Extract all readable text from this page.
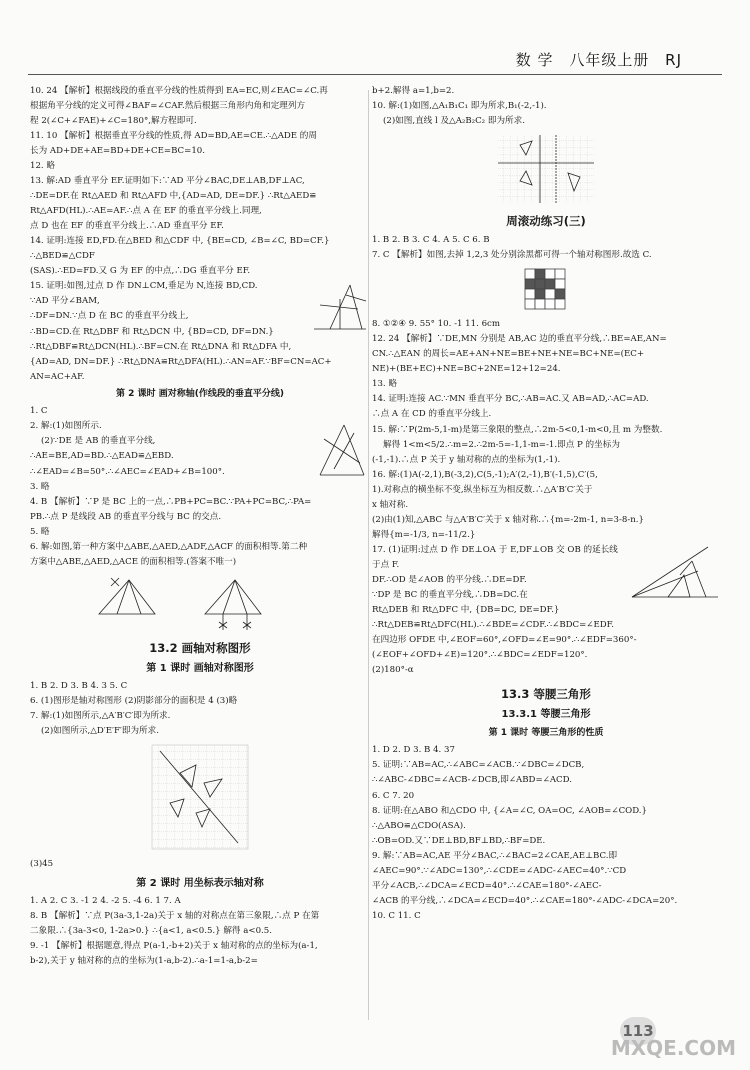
数 学 八年级上册 RJ

10. 24 【解析】根据线段的垂直平分线的性质得到 EA=EC,则∠EAC=∠C.再

根据角平分线的定义可得∠BAF=∠CAF.然后根据三角形内角和定理列方

程 2(∠C+∠FAE)+∠C=180°,解方程即可.

11. 10 【解析】根据垂直平分线的性质,得 AD=BD,AE=CE.∴△ADE 的周

长为 AD+DE+AE=BD+DE+CE=BC=10.

12. 略

13. 解:AD 垂直平分 EF.证明如下:∵AD 平分∠BAC,DE⊥AB,DF⊥AC,

∴DE=DF.在 Rt△AED 和 Rt△AFD 中,{AD=AD, DE=DF.} ∴Rt△AED≌

Rt△AFD(HL).∴AE=AF.∴点 A 在 EF 的垂直平分线上.同理,

点 D 也在 EF 的垂直平分线上.∴AD 垂直平分 EF.

14. 证明:连接 ED,FD.在△BED 和△CDF 中, {BE=CD, ∠B=∠C, BD=CF.} ∴△BED≌△CDF

(SAS).∴ED=FD.又 G 为 EF 的中点,∴DG 垂直平分 EF.

15. 证明:如图,过点 D 作 DN⊥CM,垂足为 N,连接 BD,CD.

∵AD 平分∠BAM,

∴DF=DN.∵点 D 在 BC 的垂直平分线上,

∴BD=CD.在 Rt△DBF 和 Rt△DCN 中, {BD=CD, DF=DN.}

∴Rt△DBF≌Rt△DCN(HL).∴BF=CN.在 Rt△DNA 和 Rt△DFA 中,

{AD=AD, DN=DF.} ∴Rt△DNA≌Rt△DFA(HL).∴AN=AF.∵BF=CN=AC+

AN=AC+AF.

第 2 课时 画对称轴(作线段的垂直平分线)

1. C

2. 解:(1)如图所示.

(2)∵DE 是 AB 的垂直平分线,

∴AE=BE,AD=BD.∴△EAD≌△EBD.

∴∠EAD=∠B=50°.∴∠AEC=∠EAD+∠B=100°.

3. 略

4. B 【解析】∵P 是 BC 上的一点,∴PB+PC=BC.∵PA+PC=BC,∴PA=

PB.∴点 P 是线段 AB 的垂直平分线与 BC 的交点.

5. 略

6. 解:如图,第一种方案中△ABE,△AED,△ADF,△ACF 的面积相等.第二种

方案中△ABE,△AED,△ACE 的面积相等.(答案不唯一)

13.2 画轴对称图形

第 1 课时 画轴对称图形

1. B 2. D 3. B 4. 3 5. C

6. (1)图形是轴对称图形 (2)阴影部分的面积是 4 (3)略

7. 解:(1)如图所示,△A′B′C′即为所求.

(2)如图所示,△D′E′F′即为所求.

(3)45

第 2 课时 用坐标表示轴对称

1. A 2. C 3. -1 2 4. -2 5. -4 6. 1 7. A

8. B 【解析】∵点 P(3a-3,1-2a)关于 x 轴的对称点在第三象限,∴点 P 在第

二象限.∴{3a-3<0, 1-2a>0.} ∴{a<1, a<0.5.} 解得 a<0.5.

9. -1 【解析】根据题意,得点 P(a-1,-b+2)关于 x 轴对称的点的坐标为(a-1,

b-2),关于 y 轴对称的点的坐标为(1-a,b-2).∴a-1=1-a,b-2=

b+2.解得 a=1,b=2.

10. 解:(1)如图,△A₁B₁C₁ 即为所求,B₁(-2,-1).

(2)如图,直线 l 及△A₂B₂C₂ 即为所求.

周滚动练习(三)

1. B 2. B 3. C 4. A 5. C 6. B

7. C 【解析】如图,去掉 1,2,3 处分别涂黑都可得一个轴对称图形.故选 C.

8. ①②④ 9. 55° 10. -1 11. 6cm

12. 24 【解析】∵DE,MN 分别是 AB,AC 边的垂直平分线,∴BE=AE,AN=

CN.∴△EAN 的周长=AE+AN+NE=BE+NE+NE=BC+NE=(EC+

NE)+(BE+EC)+NE=BC+2NE=12+12=24.

13. 略

14. 证明:连接 AC.∵MN 垂直平分 BC,∴AB=AC.又 AB=AD,∴AC=AD.

∴点 A 在 CD 的垂直平分线上.

15. 解:∵P(2m-5,1-m)是第三象限的整点,∴2m-5<0,1-m<0,且 m 为整数.

解得 1<m<5/2.∴m=2.∴2m-5=-1,1-m=-1.即点 P 的坐标为

(-1,-1).∴点 P 关于 y 轴对称的点的坐标为(1,-1).

16. 解:(1)A(-2,1),B(-3,2),C(5,-1);A′(2,-1),B′(-1,5),C′(5,

1).对称点的横坐标不变,纵坐标互为相反数.∴△A′B′C′关于

x 轴对称.

(2)由(1)知,△ABC 与△A′B′C′关于 x 轴对称.∴{m=-2m-1, n=3-8-n.}

解得{m=-1/3, n=-11/2.}

17. (1)证明:过点 D 作 DE⊥OA 于 E,DF⊥OB 交 OB 的延长线于点 F.

DF.∴OD 是∠AOB 的平分线.∴DE=DF.

∵DP 是 BC 的垂直平分线,∴DB=DC.在

Rt△DEB 和 Rt△DFC 中, {DB=DC, DE=DF.}

∴Rt△DEB≌Rt△DFC(HL).∴∠BDE=∠CDF.∴∠BDC=∠EDF.

在四边形 OFDE 中,∠EOF=60°,∠OFD=∠E=90°.∴∠EDF=360°-

(∠EOF+∠OFD+∠E)=120°.∴∠BDC=∠EDF=120°.

(2)180°-α

13.3 等腰三角形

13.3.1 等腰三角形

第 1 课时 等腰三角形的性质

1. D 2. D 3. B 4. 37

5. 证明:∵AB=AC,∴∠ABC=∠ACB.∵∠DBC=∠DCB,

∴∠ABC-∠DBC=∠ACB-∠DCB,即∠ABD=∠ACD.

6. C 7. 20

8. 证明:在△ABO 和△CDO 中, {∠A=∠C, OA=OC, ∠AOB=∠COD.} ∴△ABO≌△CDO(ASA).

∴OB=OD.又∵DE⊥BD,BF⊥BD,∴BF=DE.

9. 解:∵AB=AC,AE 平分∠BAC,∴∠BAC=2∠CAE,AE⊥BC.即

∠AEC=90°.∵∠ADC=130°,∴∠CDE=∠ADC-∠AEC=40°.∵CD

平分∠ACB,∴∠DCA=∠ECD=40°.∴∠CAE=180°-∠AEC-

∠ACB 的平分线,∴∠DCA=∠ECD=40°.∴∠CAE=180°-∠ADC-∠DCA=20°.

10. C 11. C

113
MXQE.COM
